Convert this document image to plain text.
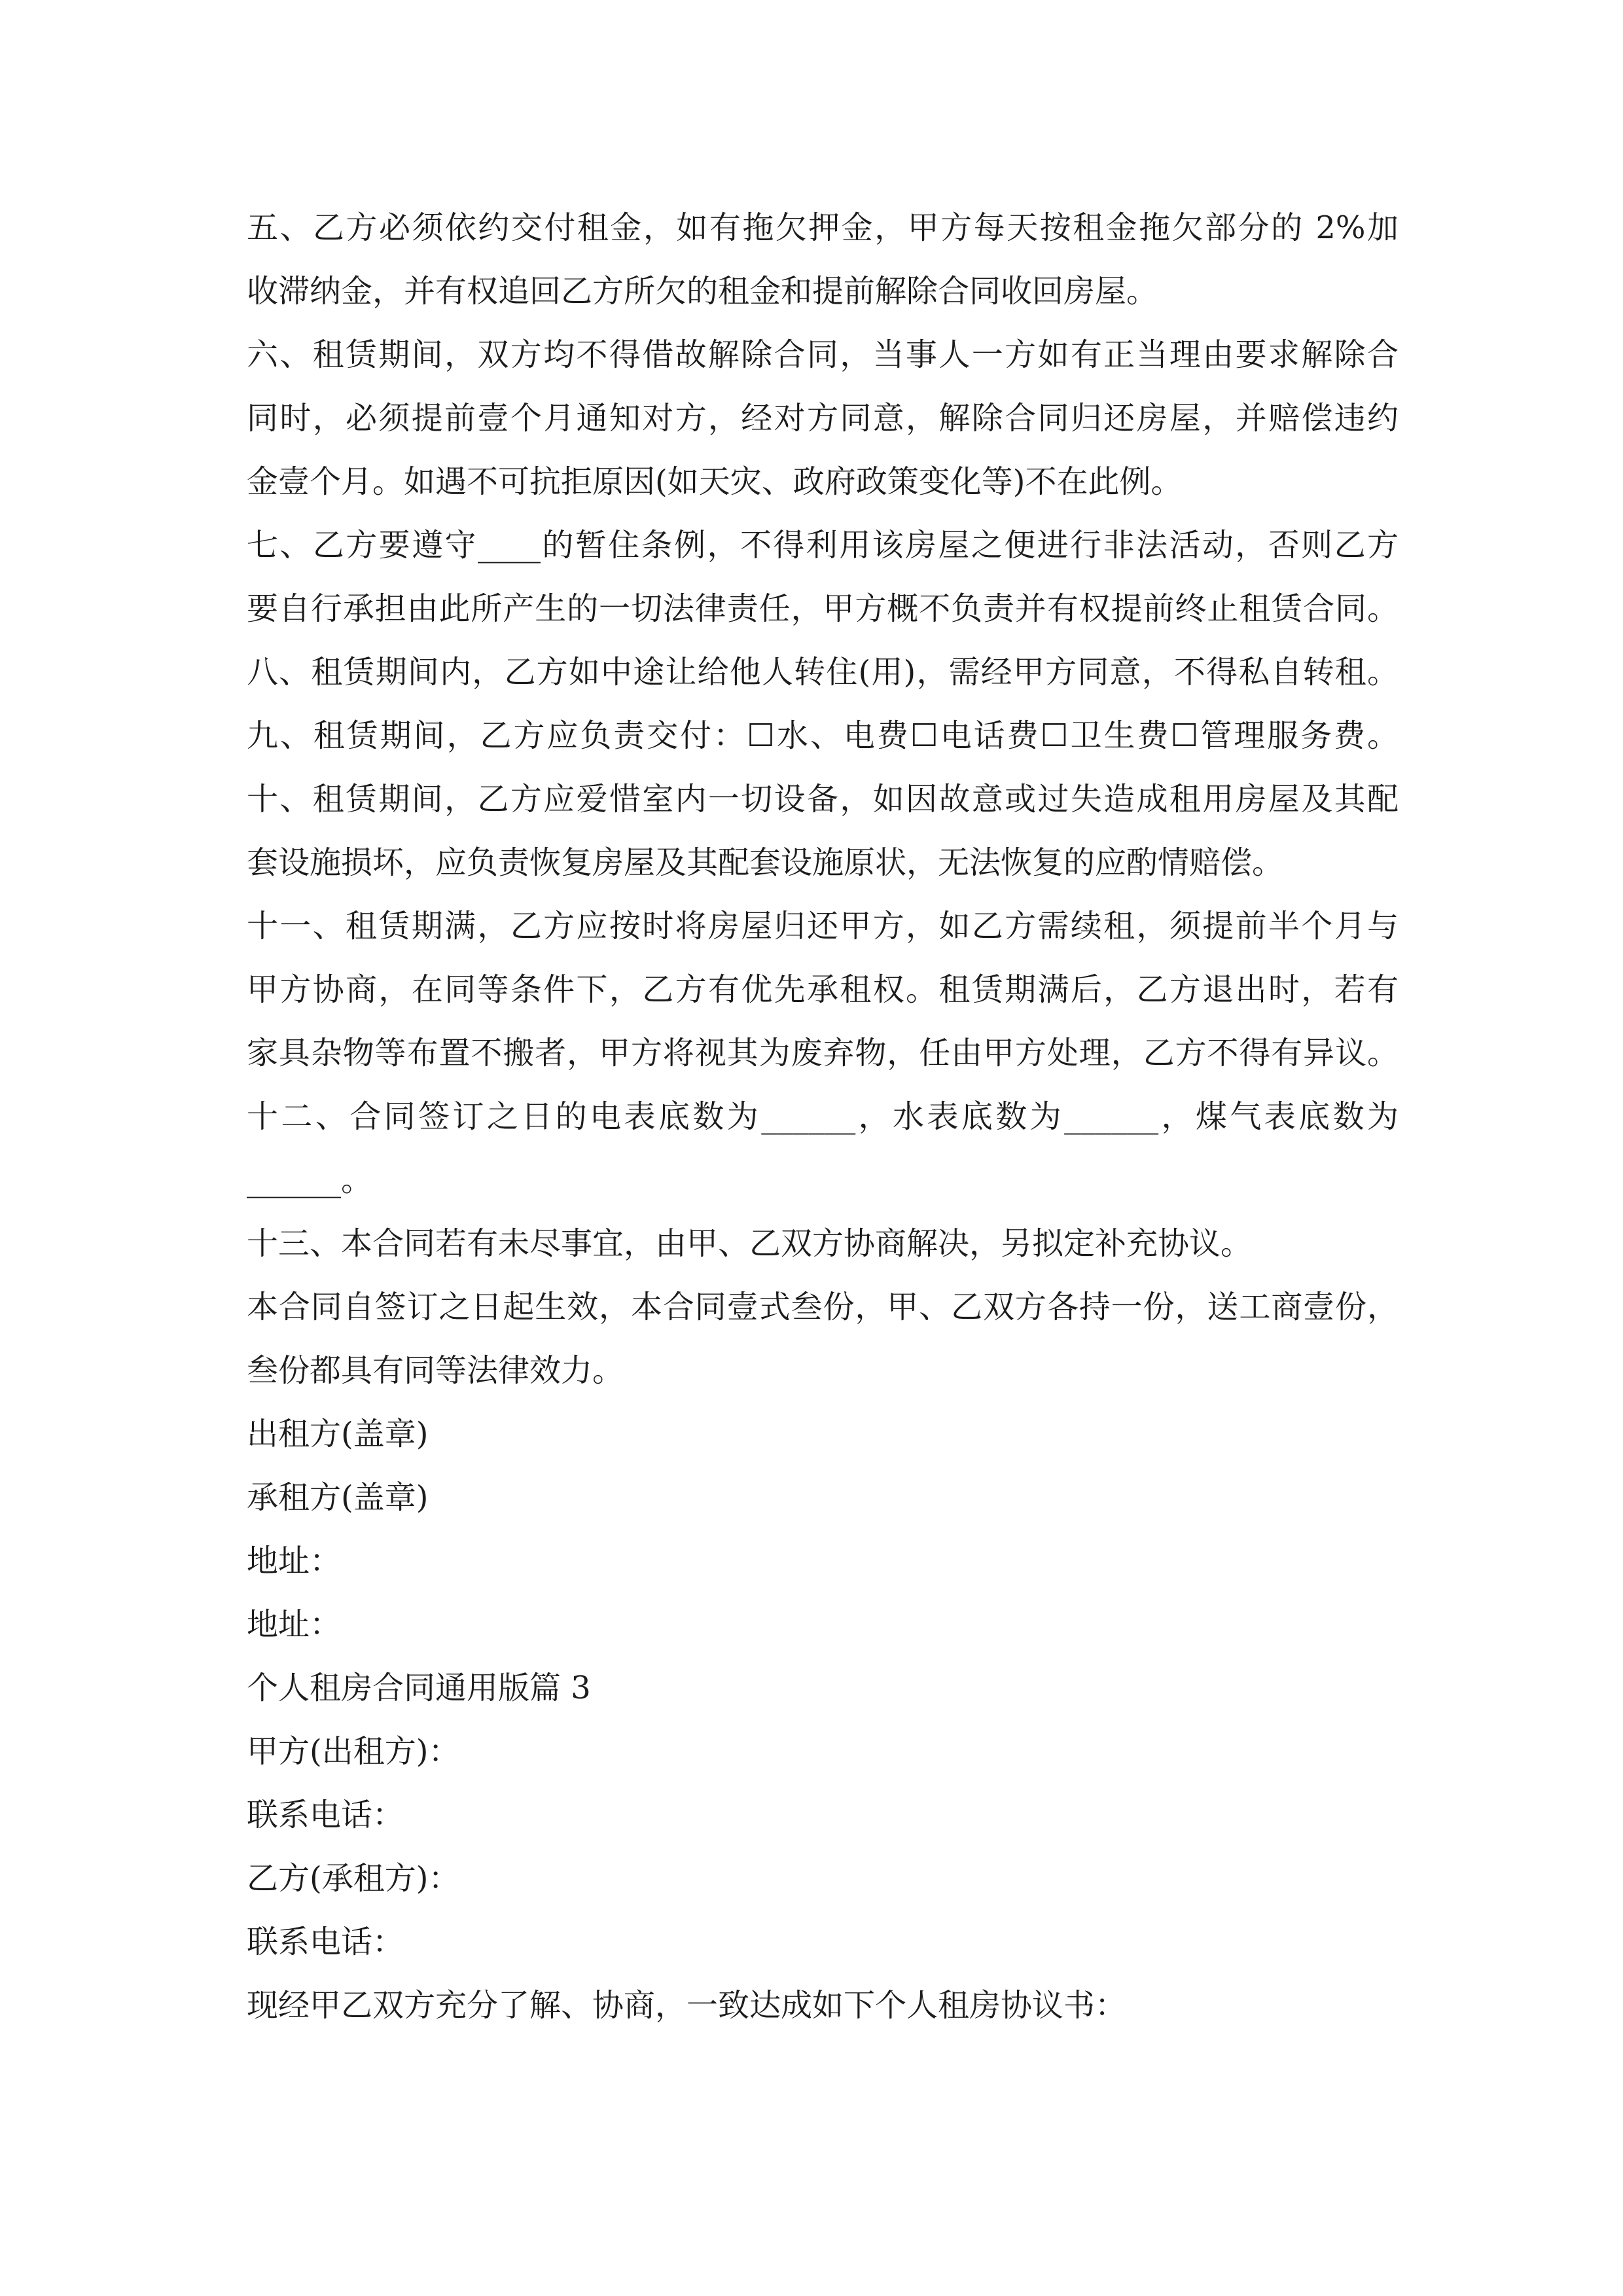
五、乙方必须依约交付租金，如有拖欠押金，甲方每天按租金拖欠部分的 2%加
收滞纳金，并有权追回乙方所欠的租金和提前解除合同收回房屋。
六、租赁期间，双方均不得借故解除合同，当事人一方如有正当理由要求解除合
同时，必须提前壹个月通知对方，经对方同意，解除合同归还房屋，并赔偿违约
金壹个月。如遇不可抗拒原因(如天灾、政府政策变化等)不在此例。
七、乙方要遵守____的暂住条例，不得利用该房屋之便进行非法活动，否则乙方
要自行承担由此所产生的一切法律责任，甲方概不负责并有权提前终止租赁合同。
八、租赁期间内，乙方如中途让给他人转住(用)，需经甲方同意，不得私自转租。
九、租赁期间，乙方应负责交付：☐水、电费☐电话费☐卫生费☐管理服务费。
十、租赁期间，乙方应爱惜室内一切设备，如因故意或过失造成租用房屋及其配
套设施损坏，应负责恢复房屋及其配套设施原状，无法恢复的应酌情赔偿。
十一、租赁期满，乙方应按时将房屋归还甲方，如乙方需续租，须提前半个月与
甲方协商，在同等条件下，乙方有优先承租权。租赁期满后，乙方退出时，若有
家具杂物等布置不搬者，甲方将视其为废弃物，任由甲方处理，乙方不得有异议。
十二、合同签订之日的电表底数为______，水表底数为______，煤气表底数为
______。
十三、本合同若有未尽事宜，由甲、乙双方协商解决，另拟定补充协议。
本合同自签订之日起生效，本合同壹式叁份，甲、乙双方各持一份，送工商壹份，
叁份都具有同等法律效力。
出租方(盖章)
承租方(盖章)
地址：
地址：
个人租房合同通用版篇 3
甲方(出租方)：
联系电话：
乙方(承租方)：
联系电话：
现经甲乙双方充分了解、协商，一致达成如下个人租房协议书：
